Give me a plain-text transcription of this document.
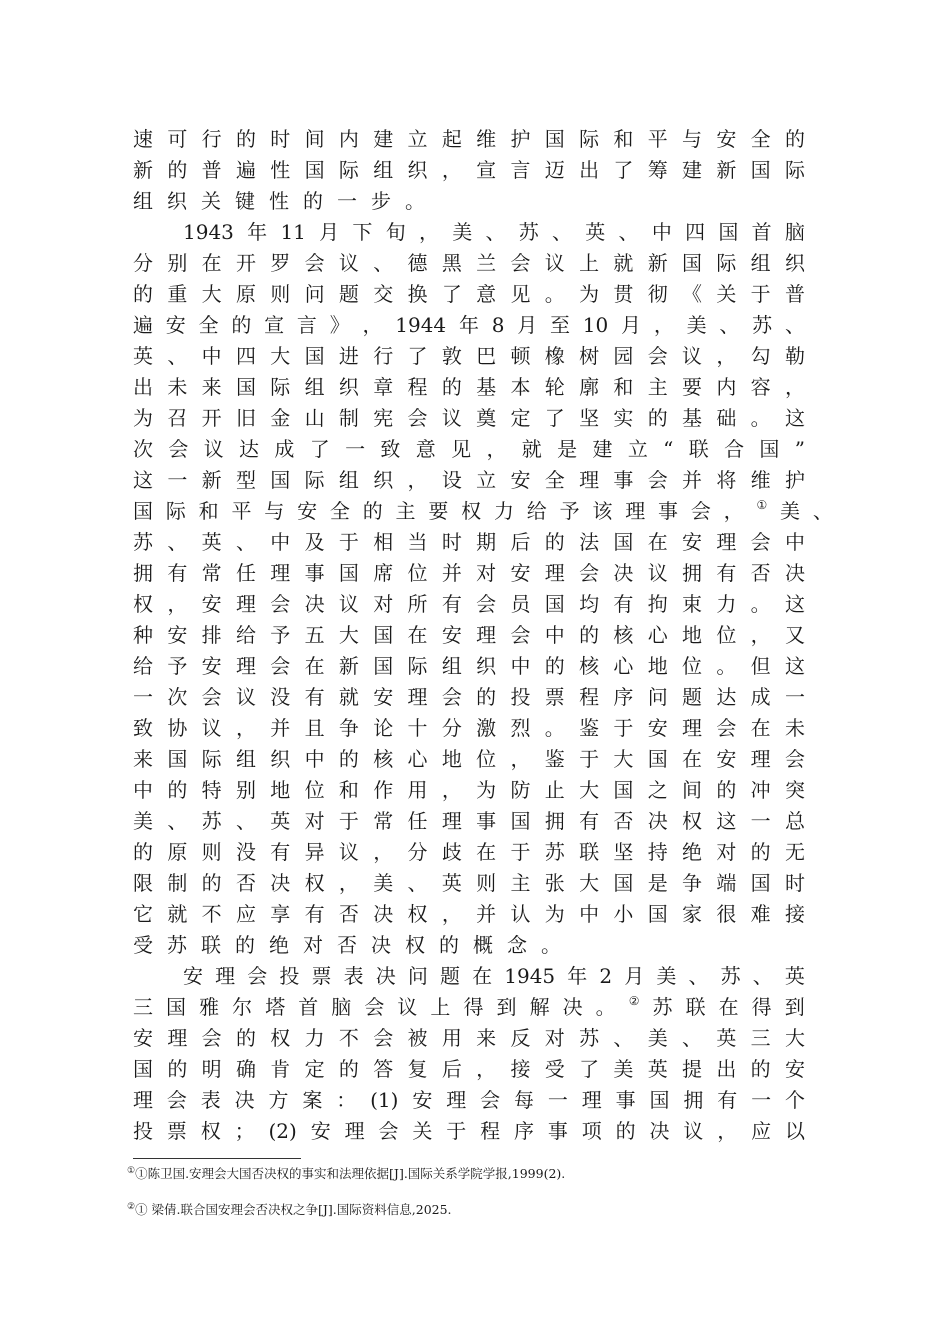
速 可 行 的 时 间 内 建 立 起 维 护 国 际 和 平 与 安 全 的
新 的 普 遍 性 国 际 组 织 ， 宣 言 迈 出 了 筹 建 新 国 际
组 织 关 键 性 的 一 步 。
1943 年 11 月 下 旬 ， 美 、 苏 、 英 、 中 四 国 首 脑
分 别 在 开 罗 会 议 、 德 黑 兰 会 议 上 就 新 国 际 组 织
的 重 大 原 则 问 题 交 换 了 意 见 。 为 贯 彻 《 关 于 普
遍 安 全 的 宣 言 》 ， 1944 年 8 月 至 10 月 ， 美 、 苏 、
英 、 中 四 大 国 进 行 了 敦 巴 顿 橡 树 园 会 议 ， 勾 勒
出 未 来 国 际 组 织 章 程 的 基 本 轮 廓 和 主 要 内 容 ，
为 召 开 旧 金 山 制 宪 会 议 奠 定 了 坚 实 的 基 础 。 这
次 会 议 达 成 了 一 致 意 见 ， 就 是 建 立 “ 联 合 国 ”
这 一 新 型 国 际 组 织 ， 设 立 安 全 理 事 会 并 将 维 护
国 际 和 平 与 安 全 的 主 要 权 力 给 予 该 理 事 会 ， ① 美 、
苏 、 英 、 中 及 于 相 当 时 期 后 的 法 国 在 安 理 会 中
拥 有 常 任 理 事 国 席 位 并 对 安 理 会 决 议 拥 有 否 决
权 ， 安 理 会 决 议 对 所 有 会 员 国 均 有 拘 束 力 。 这
种 安 排 给 予 五 大 国 在 安 理 会 中 的 核 心 地 位 ， 又
给 予 安 理 会 在 新 国 际 组 织 中 的 核 心 地 位 。 但 这
一 次 会 议 没 有 就 安 理 会 的 投 票 程 序 问 题 达 成 一
致 协 议 ， 并 且 争 论 十 分 激 烈 。 鉴 于 安 理 会 在 未
来 国 际 组 织 中 的 核 心 地 位 ， 鉴 于 大 国 在 安 理 会
中 的 特 别 地 位 和 作 用 ， 为 防 止 大 国 之 间 的 冲 突
美 、 苏 、 英 对 于 常 任 理 事 国 拥 有 否 决 权 这 一 总
的 原 则 没 有 异 议 ， 分 歧 在 于 苏 联 坚 持 绝 对 的 无
限 制 的 否 决 权 ， 美 、 英 则 主 张 大 国 是 争 端 国 时
它 就 不 应 享 有 否 决 权 ， 并 认 为 中 小 国 家 很 难 接
受 苏 联 的 绝 对 否 决 权 的 概 念 。
安 理 会 投 票 表 决 问 题 在 1945 年 2 月 美 、 苏 、 英
三 国 雅 尔 塔 首 脑 会 议 上 得 到 解 决 。 ② 苏 联 在 得 到
安 理 会 的 权 力 不 会 被 用 来 反 对 苏 、 美 、 英 三 大
国 的 明 确 肯 定 的 答 复 后 ， 接 受 了 美 英 提 出 的 安
理 会 表 决 方 案 ： (1) 安 理 会 每 一 理 事 国 拥 有 一 个
投 票 权 ； (2) 安 理 会 关 于 程 序 事 项 的 决 议 ， 应 以
①①陈卫国.安理会大国否决权的事实和法理依据[J].国际关系学院学报,1999(2).
②① 梁倩.联合国安理会否决权之争[J].国际资料信息,2025.
